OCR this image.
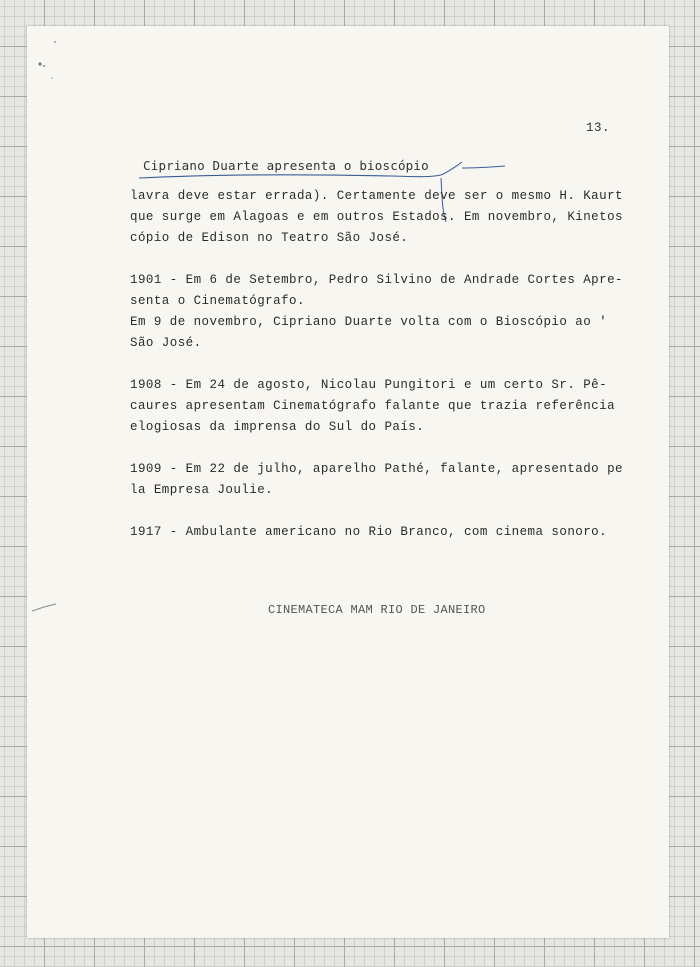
13.
Cipriano Duarte apresenta o bioscópio

lavra deve estar errada). Certamente deve ser o mesmo H. Kaurt
que surge em Alagoas e em outros Estados. Em novembro, Kinetos
cópio de Edison no Teatro São José.

1901 - Em 6 de Setembro, Pedro Silvino de Andrade Cortes Apre-
senta o Cinematógrafo.
Em 9 de novembro, Cipriano Duarte volta com o Bioscópio ao '
São José.

1908 - Em 24 de agosto, Nicolau Pungitori e um certo Sr. Pê-
caures apresentam Cinematógrafo falante que trazia referência
elogiosas da imprensa do Sul do País.

1909 - Em 22 de julho, aparelho Pathé, falante, apresentado pe
la Empresa Joulie.

1917 - Ambulante americano no Rio Branco, com cinema sonoro.

CINEMATECA MAM RIO DE JANEIRO
